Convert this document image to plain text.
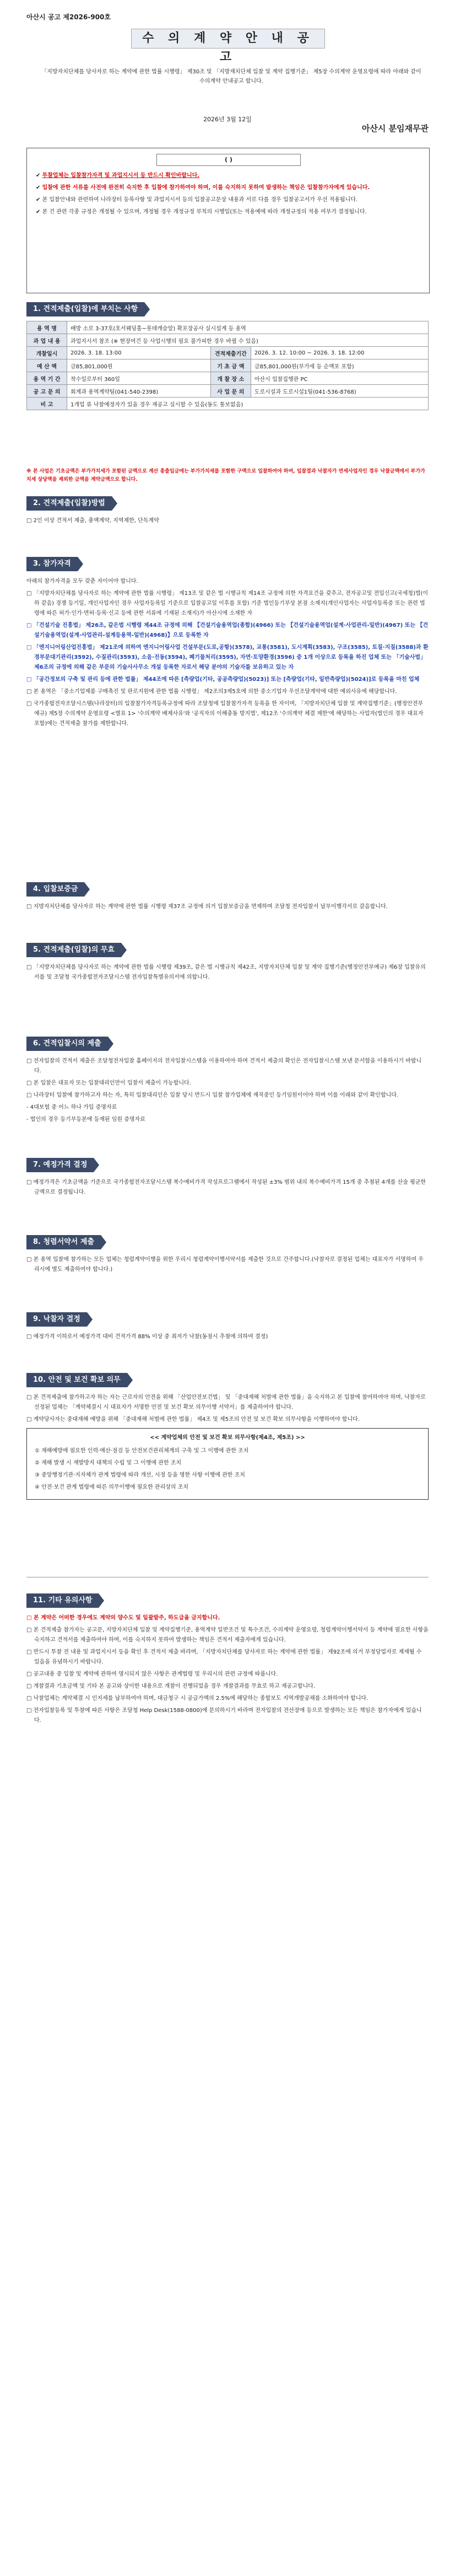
아산시 공고 제2026-900호
수 의 계 약 안 내 공 고
「지방자치단체를 당사자로 하는 계약에 관한 법률 시행령」 제30조 및 「지방재치단체 입찰 및 계약 집행기준」 제5장 수의계약 운영요령에 따라 아래와 같이 수의계약 안내공고 합니다.
2026년 3월 12일
아산시 분임재무관
( )
✔ 투찰업체는 입찰참가자격 및 과업지시서 등 반드시 확인바랍니다.
✔ 입찰에 관한 서류를 사전에 완전히 숙지한 후 입찰에 참가하여야 하며, 이를 숙지하지 못하여 발생하는 책임은 입찰참가자에게 있습니다.
✔ 본 입찰안내와 관련하여 나라장터 등록사항 및 과업지시서 등의 입찰공고문상 내용과 서로 다를 경우 입찰공고서가 우선 적용됩니다.
✔ 본 건 관련 각종 규정은 개정될 수 있으며, 개정될 경우 개정규정 부칙의 시행일(또는 적용예에 따라 개정규정의 적용 여부가 결정됩니다.
1. 견적제출(입찰)에 부치는 사항
용 역 명	배방 소로 3-37호(호서웨딩홀~롯데캐슬앞) 확포장공사 실시설계 등 용역		
과 업 내 용	과업지시서 참조 (※ 현장여건 등 사업시행의 필요 불가피한 경우 바뀔 수 있음)		
개찰일시	2026. 3. 18. 13:00	견적제출기간	2026. 3. 12. 10:00 ~ 2026. 3. 18. 12:00
예 산 액	금85,801,000원	기 초 금 액	금85,801,000원(부가세 등 순액포 포함)
용 역 기 간	착수일로부터 360일	개 찰 장 소	아산시 입찰집행관 PC
공 고 문 의	회계과 용역계약팀(041-540-2398)	사 업 문 의	도로시설과 도로시설1팀(041-536-8768)
비 고	1개업 류 낙찰예정자가 있을 경우 재공고 실시할 수 있음(동도 통보없음)		
※ 본 사업은 기초금액은 부가가치세가 포함된 금액으로 계산 총출입금에는 부가가치세를 포함한 구액으로 입찰하여야 하며, 입찰결과 낙찰자가 면세사업자인 경우 낙찰금액에서 부가가치세 상당액을 제외한 금액을 계약금액으로 합니다.
2. 견적제출(입찰)방법

□ 2인 이상 견적서 제출, 총액계약, 지역제한, 단독계약

3. 참가자격

아래의 참가자격을 모두 갖춘 자이어야 합니다.

□ 「지방자치단체를 당사자로 하는 계약에 관한 법률 시행령」 제13조 및 같은 법 시행규칙 제14조 규정에 의한 자격요건을 갖추고, 전자공고및 전입신고(국세청)법(이하 같음) 경쟁 등기일, 개인사업자인 경우 사업자등록일 기준으로 입찰공고일 이후를 포함) 기준 법인등기부상 본점 소재지(개인사업자는 사업자등록증 또는 관련 법령에 따른 허가·인가·면허·등록·신고 등에 관한 서류에 기재된 소재지)가 아산시에 소재한 자

□ 「건설기술 진흥법」 제26조, 같은법 시행령 제44조 규정에 의해 【건설기술용역업(종합)(4966) 또는 【건설기술용역업(설계·사업관리-일반)(4967) 또는 【건설기술용역업(설계·사업관리-설계등용역-일반)(4968)】으로 등록한 자

□ 「엔지니어링산업진흥법」 제21조에 의하여 엔지니어링사업 건설부문(도로,공항)(3578), 교통(3581), 도시계획(3583), 구조(3585), 토질·지질(3588)과 환경부문대기관리(3592), 수질관리(3593), 소음·진동(3594), 폐기물처리(3595), 자연·토양환경(3596) 중 1개 이상으로 등록을 하진 업체 또는 「기술사법」 제6조의 규정에 의해 같은 부문의 기술사사무소 개설 등록한 자로서 해당 분야의 기술자를 보유하고 있는 자

□ 「공간정보의 구축 및 관리 등에 관한 법률」 제44조에 따른 [측량업(기타, 공공측량업)(5023)] 또는 [측량업(기타, 일반측량업)(5024)]로 등록을 마친 업체

□ 본 용역은 「중소기업제품 구매촉진 및 판로지원에 관한 법률 시행령」 제2조의3제5호에 의한 중소기업자 우선조달계약에 대한 예외사유에 해당합니다.

□ 국가종합전자조달시스템(나라장터)의 입찰참가자격등록규정에 따라 조달청에 입찰참가자격 등록을 한 자이며, 「지방자치단체 입찰 및 계약집행기준」(행정안전부 예규) 제5장 수의계약 운영요령 <별표 1> '수의계약 배제사유'와 '공직자의 이해충돌 방지법', 제12조 '수의계약 체결 제한'에 해당하는 사업자(법인의 경우 대표자 포함)에는 견적제출 참가를 제한합니다.

4. 입찰보증금

□ 지방자치단체를 당사자로 하는 계약에 관한 법률 시행령 제37조 규정에 의거 입찰보증금을 면제하며 조달청 전자입찰서 납부이행각서로 갈음합니다.

5. 견적제출(입찰)의 무효

□ 「지방자치단체를 당사자로 하는 계약에 관한 법률 시행령 제39조, 같은 법 시행규칙 제42조, 지방자치단체 입찰 및 계약 집행기준(행정안전부예규) 제6장 입찰유의서를 및 조달청 국가종합전자조달시스템 전자입찰특별유의서에 의합니다.

6. 견적입찰시의 제출

□ 전자입찰의 견적서 제출은 조달청전자입찰 홈페이지의 전자입찰시스템을 이용하여야 하며 견적서 제출의 확인은 전자입찰시스템 보낸 문서함을 이용하시기 바랍니다.

□ 본 입찰은 대표자 또는 입찰대리인만이 입찰서 제출이 가능합니다.

□ 나라장터 입찰에 참가하고자 하는 자, 특히 입찰대리인은 입찰 당시 반드시 입찰 참가업체에 재직중인 등기임원이어야 하며 이를 이래와 같이 확인합니다.

- 4대보험 중 어느 하나 가입 증명자료

- 법인의 경우 등기부등본에 등재된 임원 증명자료

7. 예정가격 결정

□ 예정가격은 기초금액을 기준으로 국가종합전자조달시스템 복수예비가격 작성프로그램에서 작성된 ±3% 범위 내의 복수예비가격 15개 중 추첨된 4개를 산술 평균한 금액으로 결정됩니다.

8. 청렴서약서 제출

□ 본 용역 입찰에 참가하는 모든 업체는 청렴계약이행을 위한 우리시 청렴계약이행서약서를 제출한 것으로 간주합니다.(낙찰자로 결정된 업체는 대표자가 서명하여 우리시에 별도 제출하여야 합니다.)

9. 낙찰자 결정

□ 예정가격 이하로서 예정가격 대비 견적가격 88% 이상 중 최저가 낙찰(동점시 추첨에 의하여 결정)

10. 안전 및 보건 확보 의무

□ 본 견적제출에 참가하고자 하는 자는 근로자의 안전을 위해 「산업안전보건법」 및 「중대재해 처벌에 관한 법률」을 숙지하고 본 입찰에 참여하여야 하며, 낙찰자로 선정된 업체는 「계약체결시 시 대표자가 서명한 안전 및 보건 확보 의무이행 서약서」를 제출하여야 합니다.

□ 계약당사자는 중대재해 예방을 위해 「중대재해 처벌에 관한 법률」 제4조 및 제5조의 안전 및 보건 확보 의무사항을 이행하여야 합니다.

<< 계약업체의 안전 및 보건 확보 의무사항(제4조, 제5조) >>

① 재해예방에 필요한 인력·예산·점검 등 안전보건관리체계의 구축 및 그 이행에 관한 조치

② 재해 발생 시 재발방지 대책의 수립 및 그 이행에 관한 조치

③ 중앙행정기관·지자체가 관계 법령에 따라 개선, 시정 등을 명한 사항 이행에 관한 조치

④ 안전·보건 관계 법령에 따른 의무이행에 필요한 관리상의 조치

11. 기타 유의사항

□ 본 계약은 어떠한 경우에도 계약의 양수도 및 일괄발주, 하도급을 금지합니다.

□ 본 견적제출 참가자는 공고문, 지방자치단체 입찰 및 계약집행기준, 용역계약 일반조건 및 특수조건, 수의계약 운영요령, 청렴계약이행서약서 등 계약에 필요한 사항을 숙지하고 견적서를 제출하여야 하며, 이를 숙지하지 못하여 발생하는 책임은 견적서 제출자에게 있습니다.

□ 반드시 투찰 전 내용 및 과업지시서 등을 확인 후 견적서 제출 바라며, 「지방자치단체를 당사자로 하는 계약에 관한 법률」 제92조에 의거 부정당업자로 제재될 수 있음을 유념하시기 바랍니다.

□ 공고내용 중 입찰 및 계약에 관하여 명시되지 않은 사항은 관계법령 및 우리시의 관련 규정에 따릅니다.

□ 개찰결과 기초금액 및 기타 본 공고와 상이한 내용으로 개찰이 진행되었을 경우 개찰결과를 무효로 하고 재공고합니다.

□ 낙찰업체는 계약체결 시 인지세를 납부하여야 하며, 대금청구 시 공급가액의 2.5%에 해당하는 종합보도 지역개발공채를 소화하여야 합니다.

□ 전자입찰등록 및 투찰에 따른 사항은 조달청 Help Desk(1588-0800)에 문의하시기 바라며 전자입찰의 전산장애 등으로 발생하는 모든 책임은 참가자에게 있습니다.
